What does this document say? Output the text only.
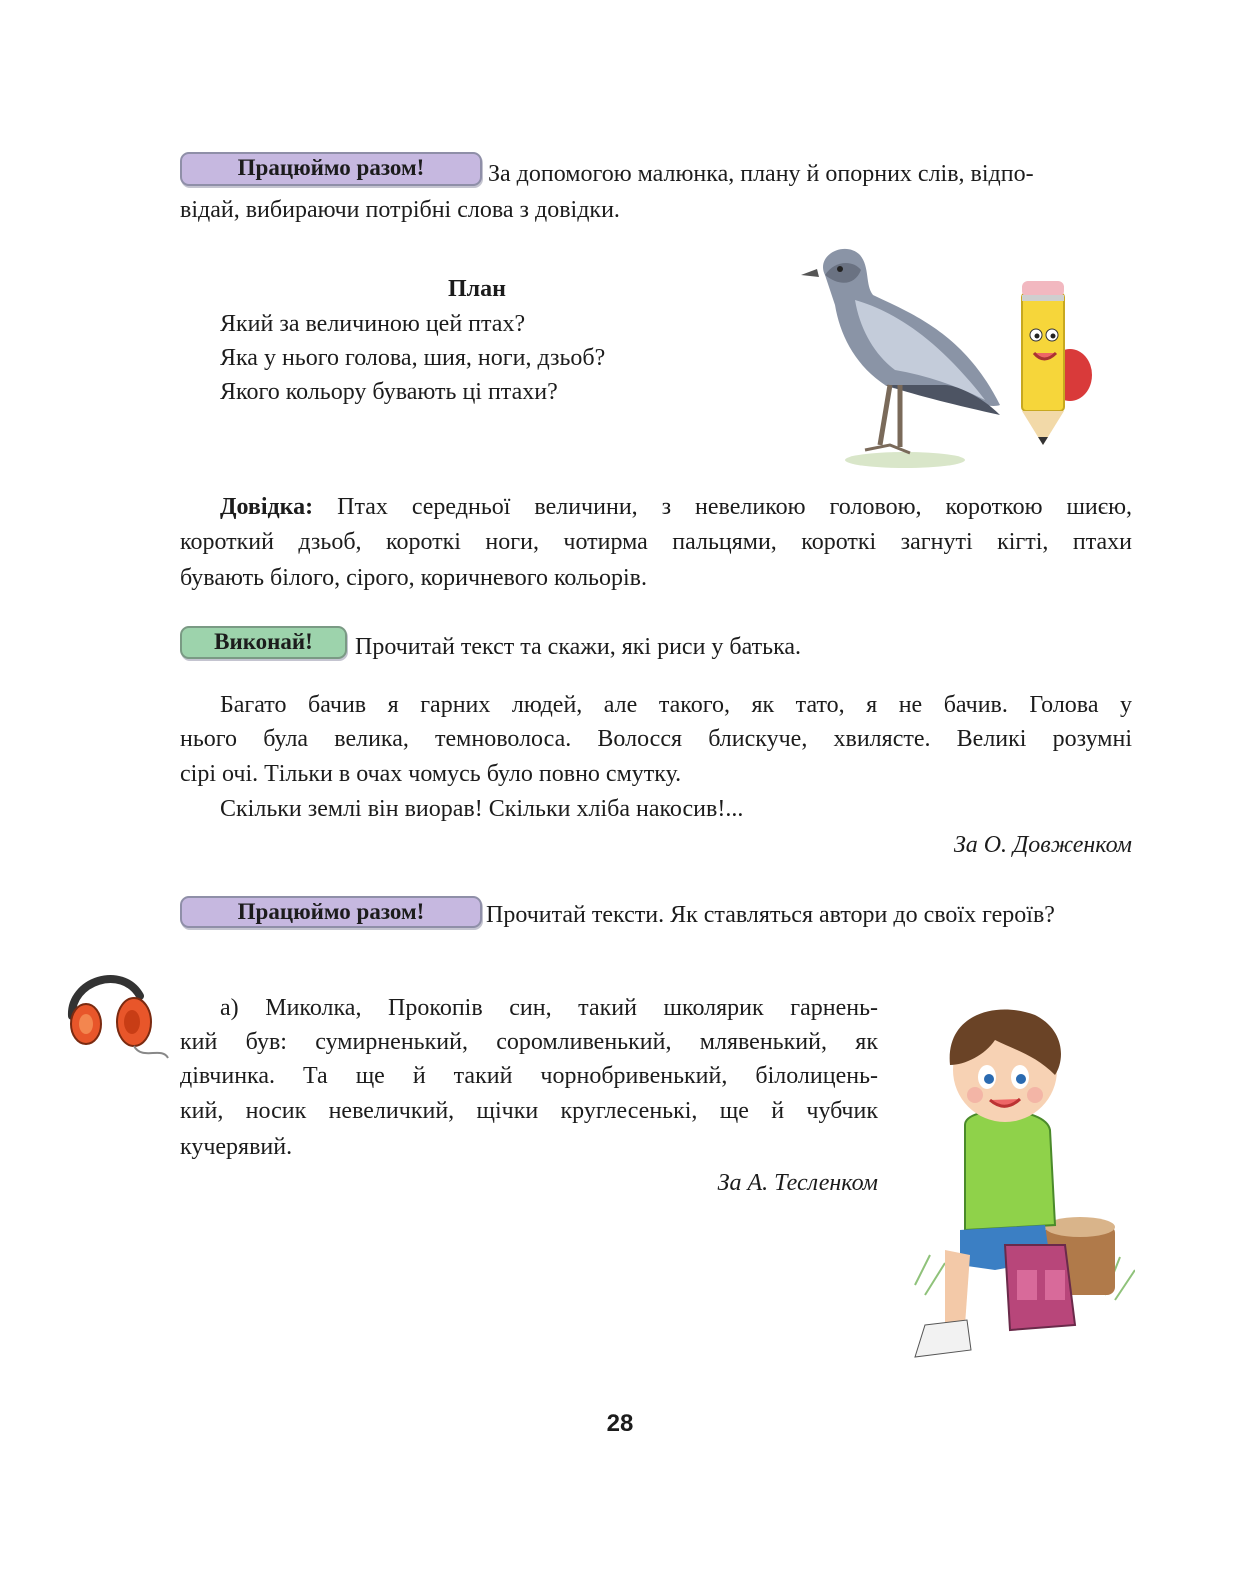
Працюймо разом!	За допомогою малюнка, плану й опорних слів, відпо-
відай, вибираючи потрібні слова з довідки.
План
Який за величиною цей птах?
Яка у нього голова, шия, ноги, дзьоб?
Якого кольору бувають ці птахи?
Довідка: Птах середньої величини, з невеликою головою, короткою шиєю,
короткий дзьоб, короткі ноги, чотирма пальцями, короткі загнуті кігті, птахи
бувають білого, сірого, коричневого кольорів.
Виконай!	Прочитай текст та скажи, які риси у батька.
Багато бачив я гарних людей, але такого, як тато, я не бачив. Голова у
нього була велика, темноволоса. Волосся блискуче, хвилясте. Великі розумні
сірі очі. Тільки в очах чомусь було повно смутку.
Скільки землі він виорав! Скільки хліба накосив!...
За О. Довженком
Працюймо разом!	Прочитай тексти. Як ставляться автори до своїх героїв?
а) Миколка, Прокопів син, такий школярик гарнень-
кий був: сумирненький, соромливенький, млявенький, як
дівчинка. Та ще й такий чорнобривенький, білолицень-
кий, носик невеличкий, щічки круглесенькі, ще й чубчик
кучерявий.
За А. Тесленком
28
